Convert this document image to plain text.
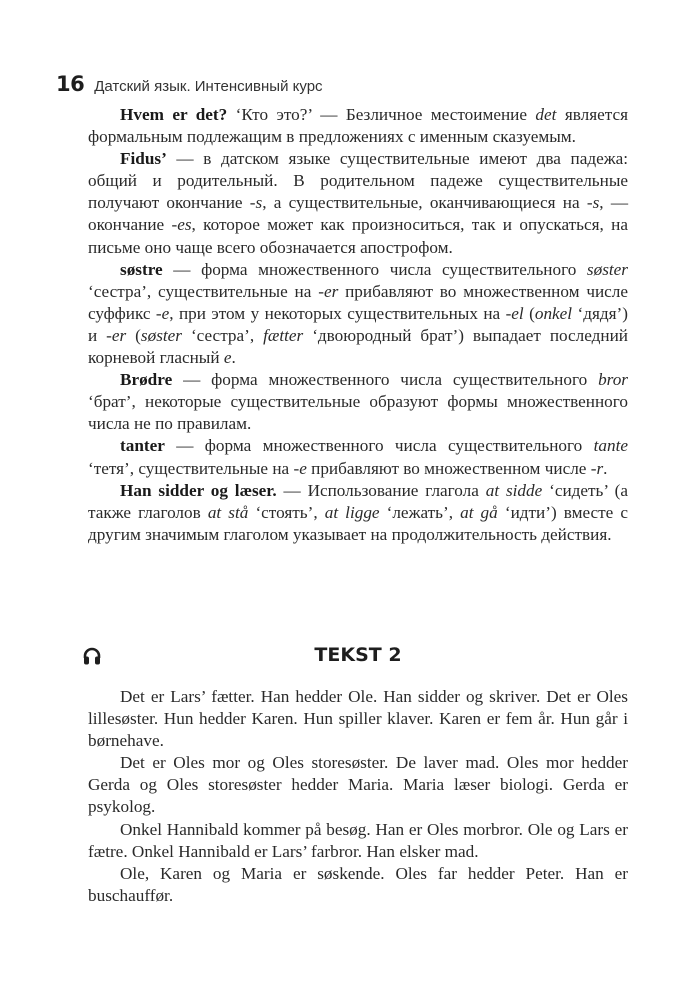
16 Датский язык. Интенсивный курс

Hvem er det? ‘Кто это?’ — Безличное местоимение det является формальным подлежащим в предложениях с именным сказуемым.

Fidus’ — в датском языке существительные имеют два падежа: общий и родительный. В родительном падеже существительные получают окончание -s, а существительные, оканчивающиеся на -s, — окончание -es, которое может как произноситься, так и опускаться, на письме оно чаще всего обозначается апострофом.

søstre — форма множественного числа существительного søster ‘сестра’, существительные на -er прибавляют во множественном числе суффикс -e, при этом у некоторых существительных на -el (onkel ‘дядя’) и -er (søster ‘сестра’, fætter ‘двоюродный брат’) выпадает последний корневой гласный e.

Brødre — форма множественного числа существительного bror ‘брат’, некоторые существительные образуют формы множественного числа не по правилам.

tanter — форма множественного числа существительного tante ‘тетя’, существительные на -e прибавляют во множественном числе -r.

Han sidder og læser. — Использование глагола at sidde ‘сидеть’ (а также глаголов at stå ‘стоять’, at ligge ‘лежать’, at gå ‘идти’) вместе с другим значимым глаголом указывает на продолжительность действия.

TEKST 2

Det er Lars’ fætter. Han hedder Ole. Han sidder og skriver. Det er Oles lillesøster. Hun hedder Karen. Hun spiller klaver. Karen er fem år. Hun går i børnehave.

Det er Oles mor og Oles storesøster. De laver mad. Oles mor hedder Gerda og Oles storesøster hedder Maria. Maria læser biologi. Gerda er psykolog.

Onkel Hannibald kommer på besøg. Han er Oles morbror. Ole og Lars er fætre. Onkel Hannibald er Lars’ farbror. Han elsker mad.

Ole, Karen og Maria er søskende. Oles far hedder Peter. Han er buschauffør.
